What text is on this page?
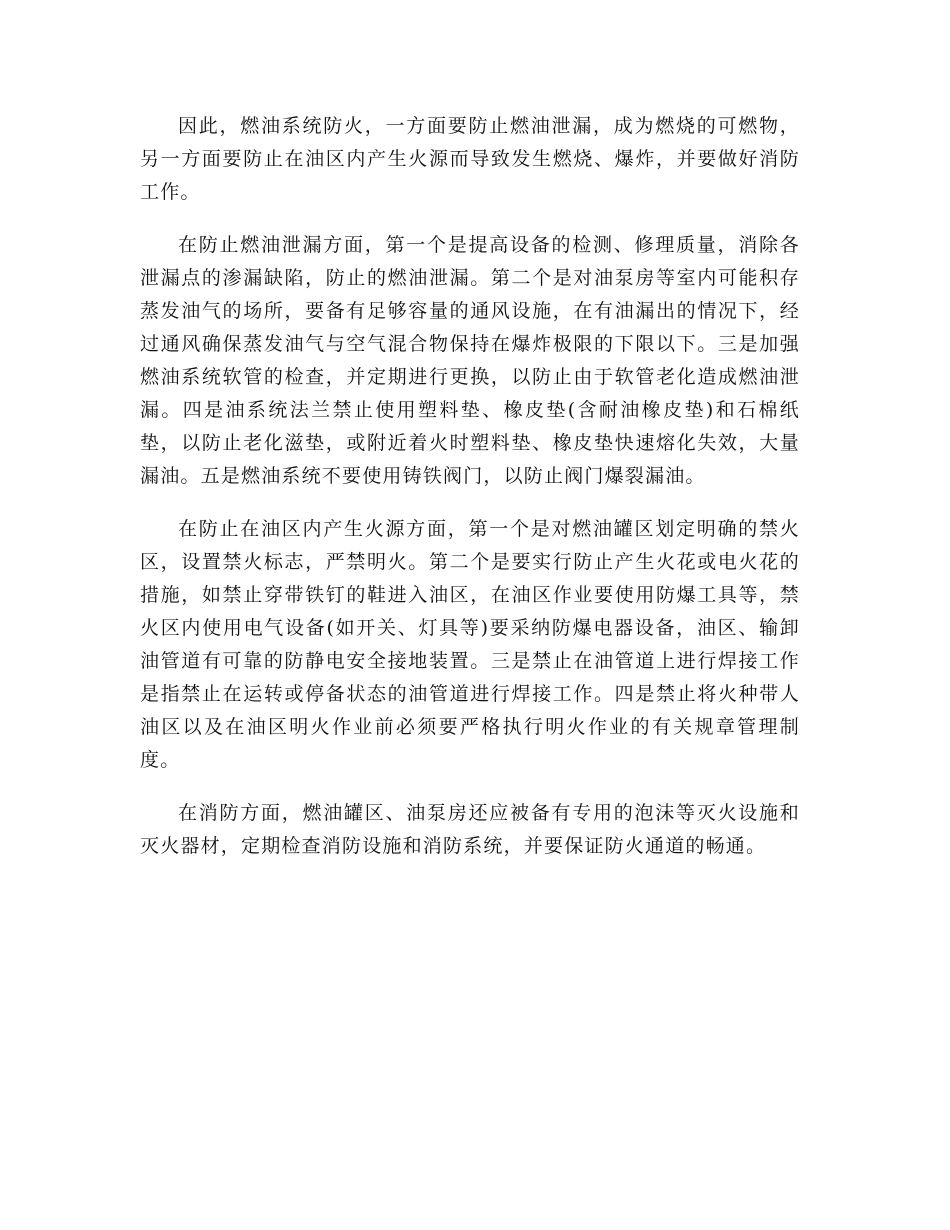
因此，燃油系统防火，一方面要防止燃油泄漏，成为燃烧的可燃物，另一方面要防止在油区内产生火源而导致发生燃烧、爆炸，并要做好消防工作。

在防止燃油泄漏方面，第一个是提高设备的检测、修理质量，消除各泄漏点的渗漏缺陷，防止的燃油泄漏。第二个是对油泵房等室内可能积存蒸发油气的场所，要备有足够容量的通风设施，在有油漏出的情况下，经过通风确保蒸发油气与空气混合物保持在爆炸极限的下限以下。三是加强燃油系统软管的检查，并定期进行更换，以防止由于软管老化造成燃油泄漏。四是油系统法兰禁止使用塑料垫、橡皮垫(含耐油橡皮垫)和石棉纸垫，以防止老化滋垫，或附近着火时塑料垫、橡皮垫快速熔化失效，大量漏油。五是燃油系统不要使用铸铁阀门，以防止阀门爆裂漏油。

在防止在油区内产生火源方面，第一个是对燃油罐区划定明确的禁火区，设置禁火标志，严禁明火。第二个是要实行防止产生火花或电火花的措施，如禁止穿带铁钉的鞋进入油区，在油区作业要使用防爆工具等，禁火区内使用电气设备(如开关、灯具等)要采纳防爆电器设备，油区、输卸油管道有可靠的防静电安全接地装置。三是禁止在油管道上进行焊接工作是指禁止在运转或停备状态的油管道进行焊接工作。四是禁止将火种带人油区以及在油区明火作业前必须要严格执行明火作业的有关规章管理制度。

在消防方面，燃油罐区、油泵房还应被备有专用的泡沫等灭火设施和灭火器材，定期检查消防设施和消防系统，并要保证防火通道的畅通。
